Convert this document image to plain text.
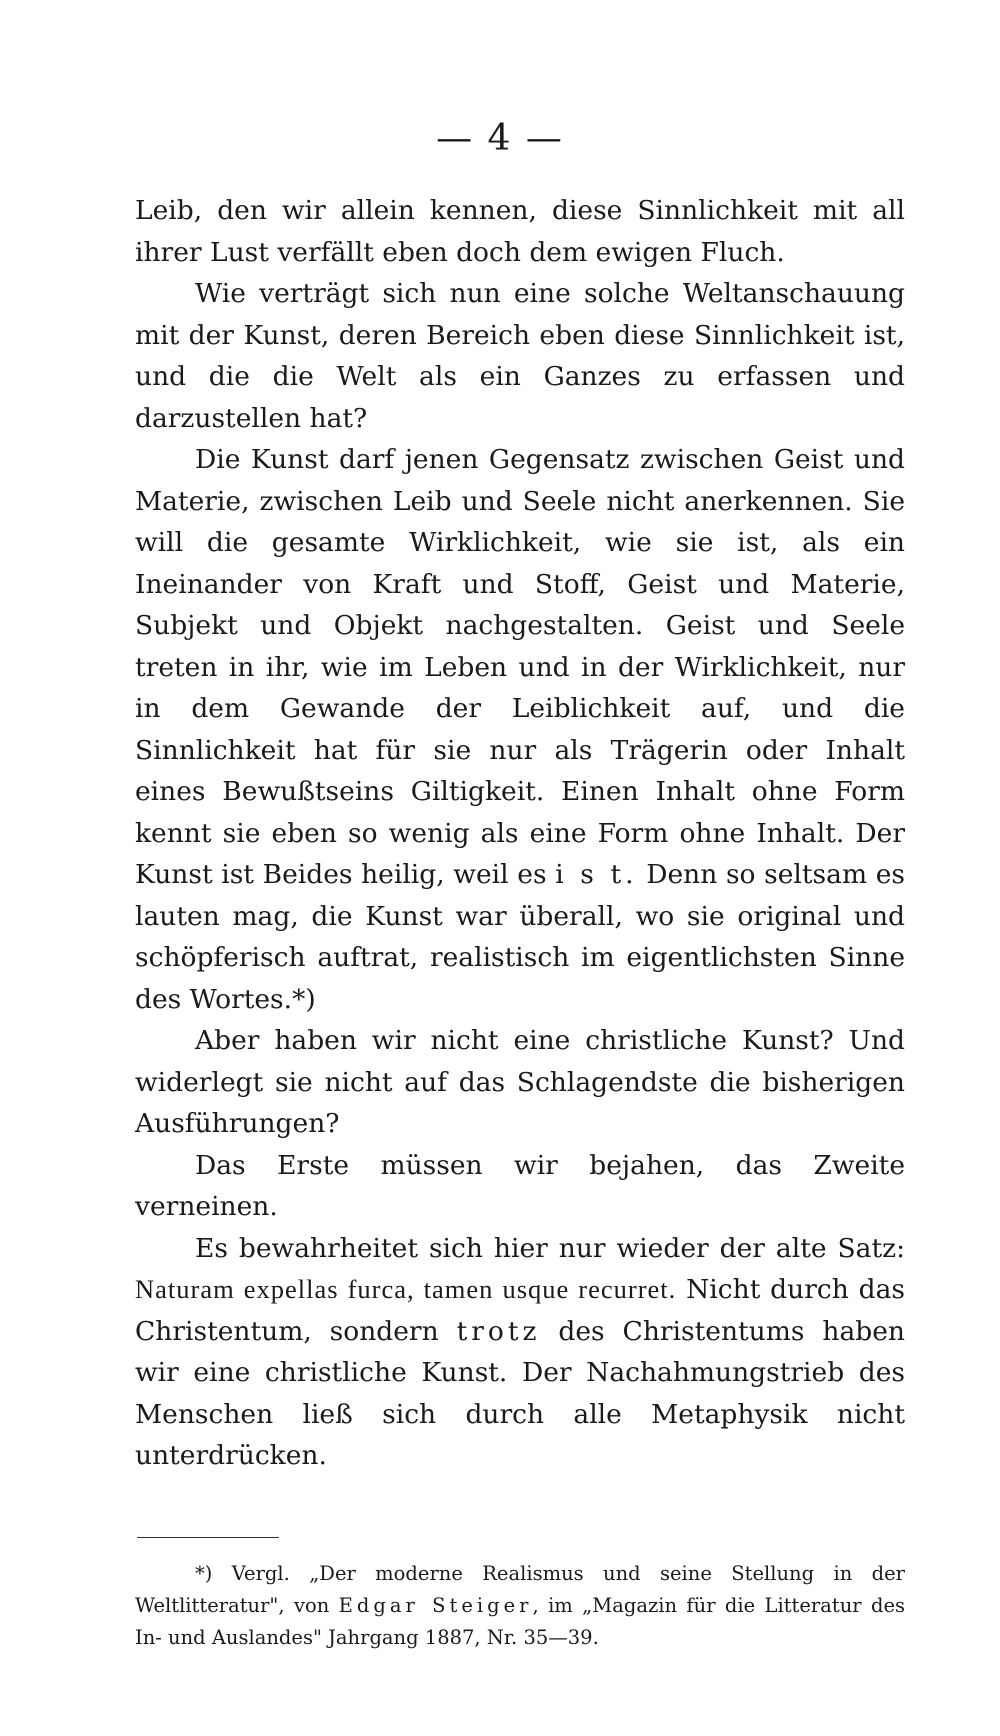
— 4 —

Leib, den wir allein kennen, diese Sinnlichkeit mit all ihrer Lust verfällt eben doch dem ewigen Fluch.

Wie verträgt sich nun eine solche Weltanschauung mit der Kunst, deren Bereich eben diese Sinnlichkeit ist, und die die Welt als ein Ganzes zu erfassen und darzustellen hat?

Die Kunst darf jenen Gegensatz zwischen Geist und Materie, zwischen Leib und Seele nicht anerkennen. Sie will die gesamte Wirklichkeit, wie sie ist, als ein Ineinander von Kraft und Stoff, Geist und Materie, Subjekt und Objekt nachgestalten. Geist und Seele treten in ihr, wie im Leben und in der Wirklichkeit, nur in dem Gewande der Leiblichkeit auf, und die Sinnlichkeit hat für sie nur als Trägerin oder Inhalt eines Bewußtseins Giltigkeit. Einen Inhalt ohne Form kennt sie eben so wenig als eine Form ohne Inhalt. Der Kunst ist Beides heilig, weil es i s t. Denn so seltsam es lauten mag, die Kunst war überall, wo sie original und schöpferisch auftrat, realistisch im eigentlichsten Sinne des Wortes.*)

Aber haben wir nicht eine christliche Kunst? Und widerlegt sie nicht auf das Schlagendste die bisherigen Ausführungen?

Das Erste müssen wir bejahen, das Zweite verneinen.

Es bewahrheitet sich hier nur wieder der alte Satz: Naturam expellas furca, tamen usque recurret. Nicht durch das Christentum, sondern trotz des Christentums haben wir eine christliche Kunst. Der Nachahmungstrieb des Menschen ließ sich durch alle Metaphysik nicht unterdrücken.

*) Vergl. „Der moderne Realismus und seine Stellung in der Weltlitteratur", von Edgar Steiger, im „Magazin für die Litteratur des In- und Auslandes" Jahrgang 1887, Nr. 35—39.
